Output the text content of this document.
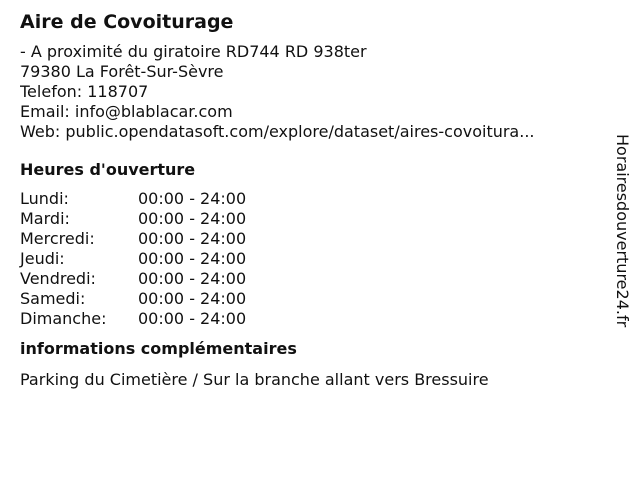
Aire de Covoiturage
- A proximité du giratoire RD744 RD 938ter
79380 La Forêt-Sur-Sèvre
Telefon: 118707
Email: info@blablacar.com
Web: public.opendatasoft.com/explore/dataset/aires-covoitura...
Heures d'ouverture
Lundi:	00:00 - 24:00
Mardi:	00:00 - 24:00
Mercredi:	00:00 - 24:00
Jeudi:	00:00 - 24:00
Vendredi:	00:00 - 24:00
Samedi:	00:00 - 24:00
Dimanche:	00:00 - 24:00
informations complémentaires
Parking du Cimetière / Sur la branche allant vers Bressuire
Horairesdouverture24.fr
